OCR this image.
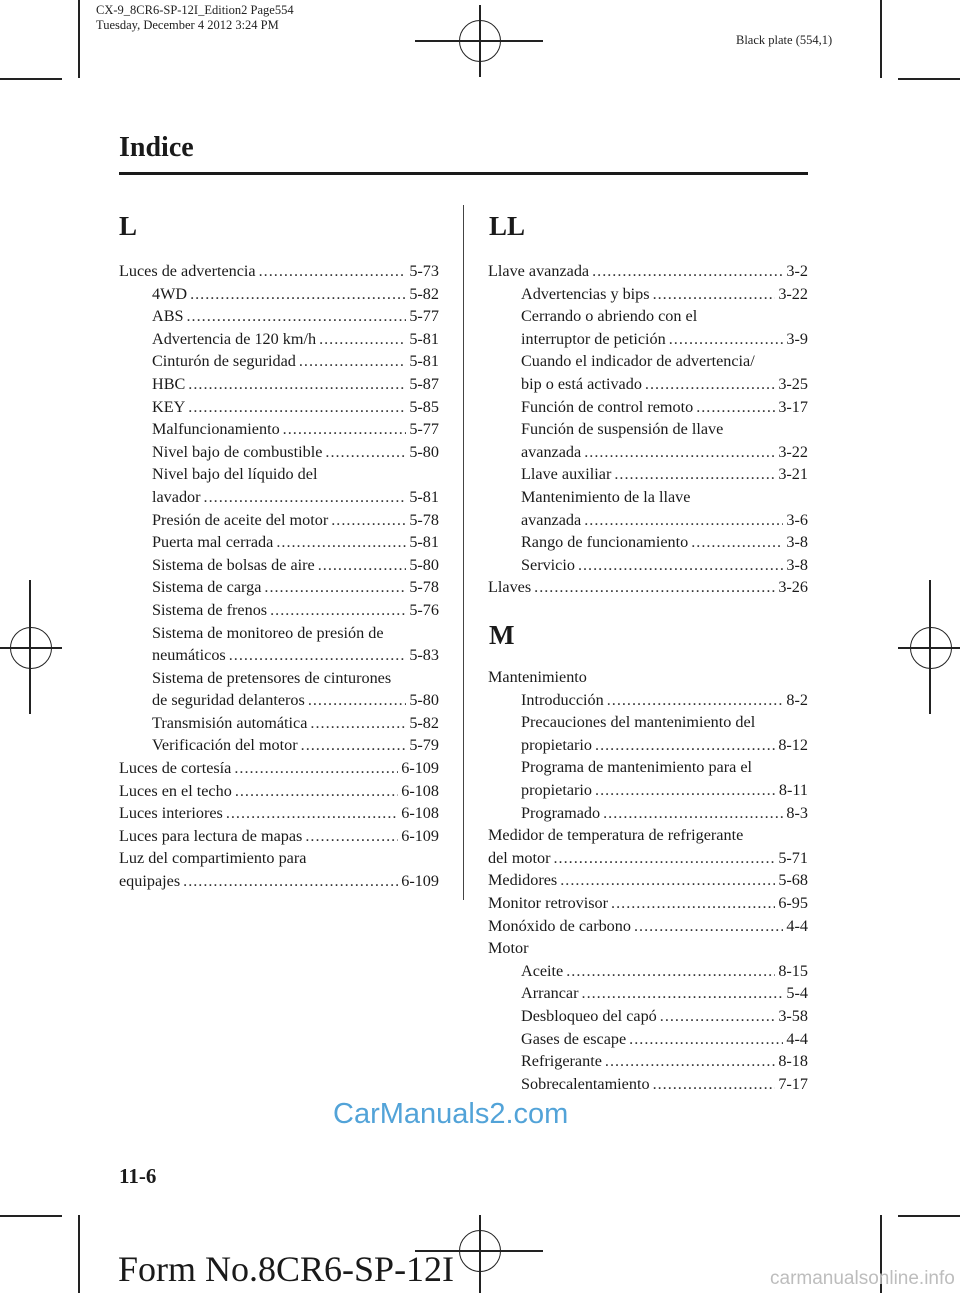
CX-9_8CR6-SP-12I_Edition2 Page554
Tuesday, December 4 2012 3:24 PM
Black plate (554,1)
Indice
L
Luces de advertencia .....	5-73
4WD .....	5-82
ABS .....	5-77
Advertencia de 120 km/h .....	5-81
Cinturón de seguridad .....	5-81
HBC .....	5-87
KEY .....	5-85
Malfuncionamiento .....	5-77
Nivel bajo de combustible .....	5-80
Nivel bajo del líquido del
lavador .....	5-81
Presión de aceite del motor .....	5-78
Puerta mal cerrada .....	5-81
Sistema de bolsas de aire .....	5-80
Sistema de carga .....	5-78
Sistema de frenos .....	5-76
Sistema de monitoreo de presión de
neumáticos .....	5-83
Sistema de pretensores de cinturones
de seguridad delanteros .....	5-80
Transmisión automática .....	5-82
Verificación del motor .....	5-79
Luces de cortesía .....	6-109
Luces en el techo .....	6-108
Luces interiores .....	6-108
Luces para lectura de mapas .....	6-109
Luz del compartimiento para
equipajes .....	6-109
LL
Llave avanzada .....	3-2
Advertencias y bips .....	3-22
Cerrando o abriendo con el
interruptor de petición .....	3-9
Cuando el indicador de advertencia/
bip o está activado .....	3-25
Función de control remoto .....	3-17
Función de suspensión de llave
avanzada .....	3-22
Llave auxiliar .....	3-21
Mantenimiento de la llave
avanzada .....	3-6
Rango de funcionamiento .....	3-8
Servicio .....	3-8
Llaves .....	3-26
M
Mantenimiento
Introducción .....	8-2
Precauciones del mantenimiento del
propietario .....	8-12
Programa de mantenimiento para el
propietario .....	8-11
Programado .....	8-3
Medidor de temperatura de refrigerante
del motor .....	5-71
Medidores .....	5-68
Monitor retrovisor .....	6-95
Monóxido de carbono .....	4-4
Motor
Aceite .....	8-15
Arrancar .....	5-4
Desbloqueo del capó .....	3-58
Gases de escape .....	4-4
Refrigerante .....	8-18
Sobrecalentamiento .....	7-17
CarManuals2.com
11-6
Form No.8CR6-SP-12I	carmanualsonline.info
